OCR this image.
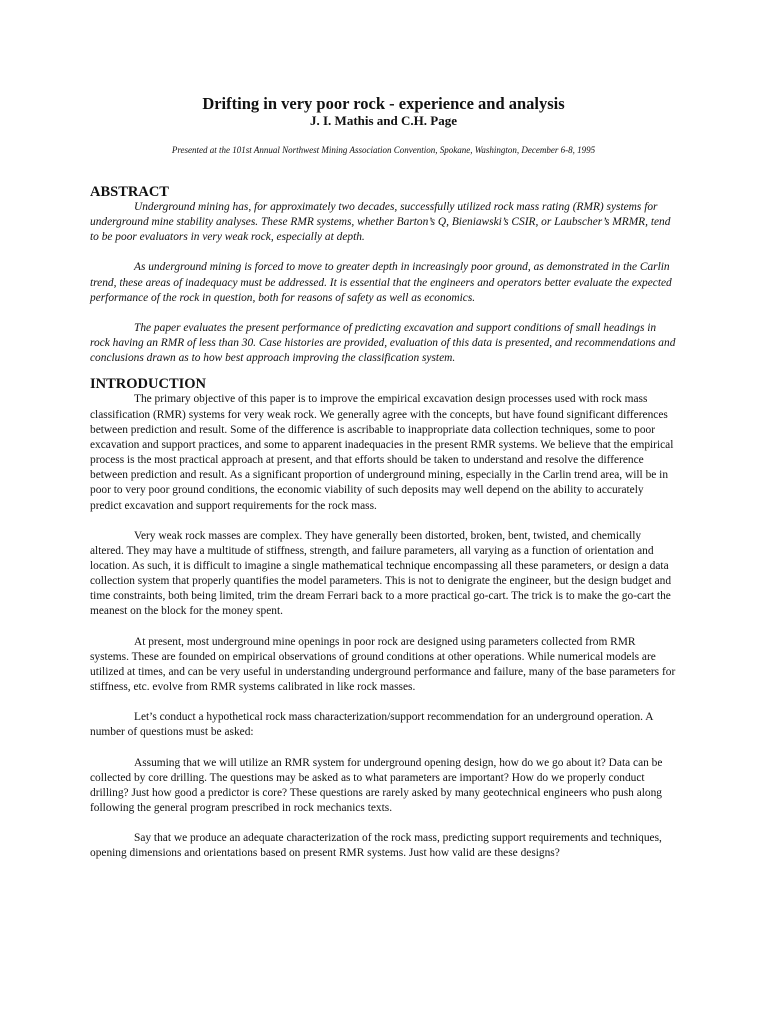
Drifting in very poor rock - experience and analysis
J. I. Mathis and C.H. Page
Presented at the 101st Annual Northwest Mining Association Convention, Spokane, Washington, December 6-8, 1995
ABSTRACT

Underground mining has, for approximately two decades, successfully utilized rock mass rating (RMR) systems for underground mine stability analyses. These RMR systems, whether Barton’s Q, Bieniawski’s CSIR, or Laubscher’s MRMR, tend to be poor evaluators in very weak rock, especially at depth.

As underground mining is forced to move to greater depth in increasingly poor ground, as demonstrated in the Carlin trend, these areas of inadequacy must be addressed. It is essential that the engineers and operators better evaluate the expected performance of the rock in question, both for reasons of safety as well as economics.

The paper evaluates the present performance of predicting excavation and support conditions of small headings in rock having an RMR of less than 30. Case histories are provided, evaluation of this data is presented, and recommendations and conclusions drawn as to how best approach improving the classification system.

INTRODUCTION

The primary objective of this paper is to improve the empirical excavation design processes used with rock mass classification (RMR) systems for very weak rock. We generally agree with the concepts, but have found significant differences between prediction and result. Some of the difference is ascribable to inappropriate data collection techniques, some to poor excavation and support practices, and some to apparent inadequacies in the present RMR systems. We believe that the empirical process is the most practical approach at present, and that efforts should be taken to understand and resolve the difference between prediction and result. As a significant proportion of underground mining, especially in the Carlin trend area, will be in poor to very poor ground conditions, the economic viability of such deposits may well depend on the ability to accurately predict excavation and support requirements for the rock mass.

Very weak rock masses are complex. They have generally been distorted, broken, bent, twisted, and chemically altered. They may have a multitude of stiffness, strength, and failure parameters, all varying as a function of orientation and location. As such, it is difficult to imagine a single mathematical technique encompassing all these parameters, or design a data collection system that properly quantifies the model parameters. This is not to denigrate the engineer, but the design budget and time constraints, both being limited, trim the dream Ferrari back to a more practical go-cart. The trick is to make the go-cart the meanest on the block for the money spent.

At present, most underground mine openings in poor rock are designed using parameters collected from RMR systems. These are founded on empirical observations of ground conditions at other operations. While numerical models are utilized at times, and can be very useful in understanding underground performance and failure, many of the base parameters for stiffness, etc. evolve from RMR systems calibrated in like rock masses.

Let’s conduct a hypothetical rock mass characterization/support recommendation for an underground operation. A number of questions must be asked:

Assuming that we will utilize an RMR system for underground opening design, how do we go about it? Data can be collected by core drilling. The questions may be asked as to what parameters are important? How do we properly conduct drilling? Just how good a predictor is core? These questions are rarely asked by many geotechnical engineers who push along following the general program prescribed in rock mechanics texts.

Say that we produce an adequate characterization of the rock mass, predicting support requirements and techniques, opening dimensions and orientations based on present RMR systems. Just how valid are these designs?
